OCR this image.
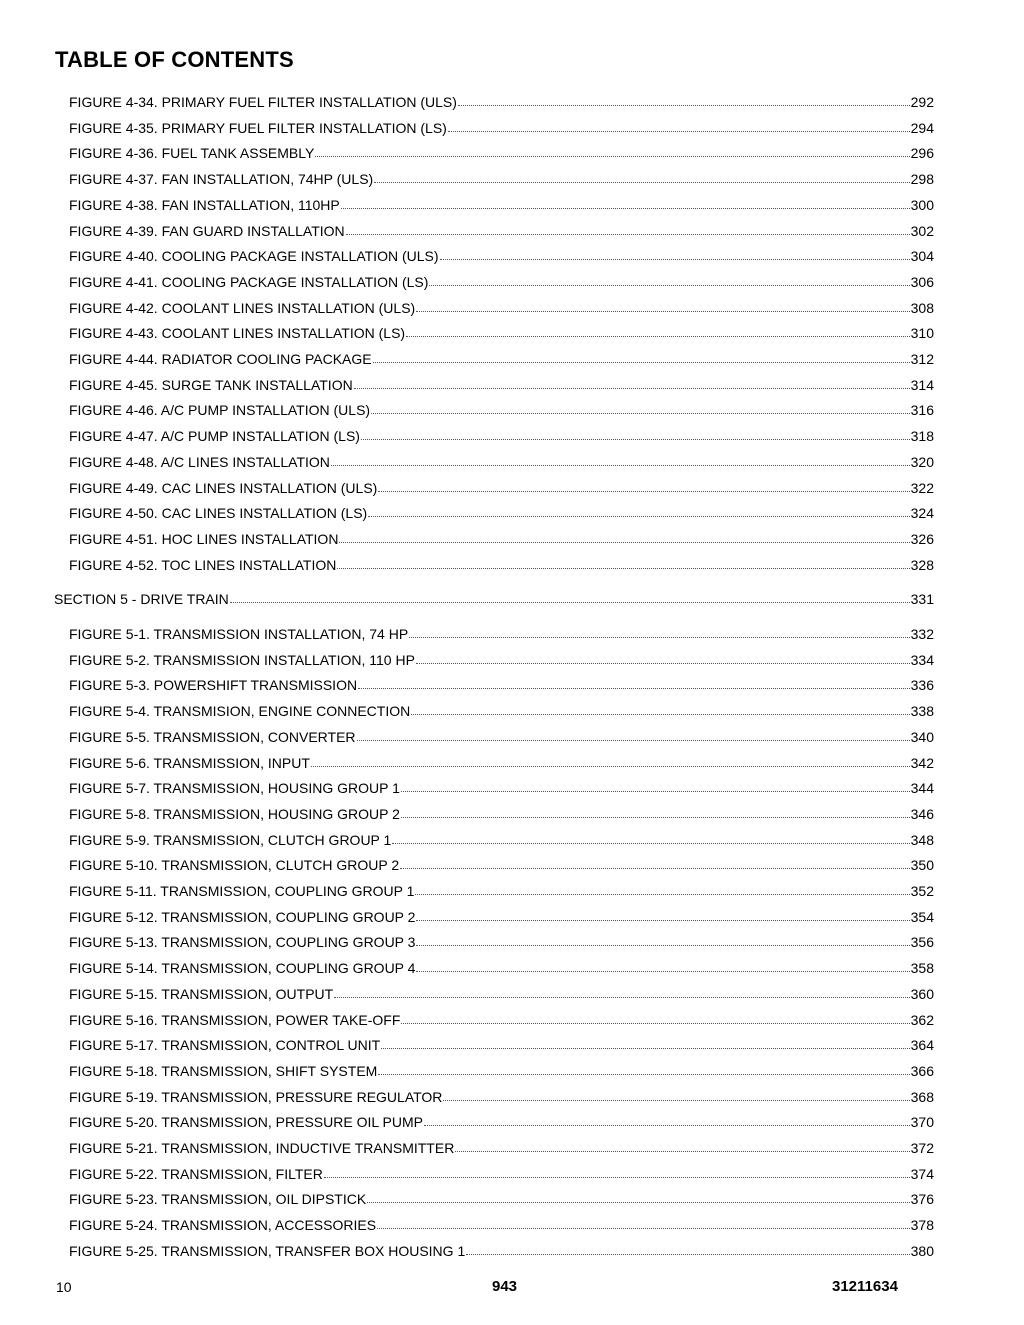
TABLE OF CONTENTS
FIGURE 4-34. PRIMARY FUEL FILTER INSTALLATION (ULS)	292
FIGURE 4-35. PRIMARY FUEL FILTER INSTALLATION (LS)	294
FIGURE 4-36. FUEL TANK ASSEMBLY	296
FIGURE 4-37. FAN INSTALLATION, 74HP (ULS)	298
FIGURE 4-38. FAN INSTALLATION, 110HP	300
FIGURE 4-39. FAN GUARD INSTALLATION	302
FIGURE 4-40. COOLING PACKAGE INSTALLATION (ULS)	304
FIGURE 4-41. COOLING PACKAGE INSTALLATION (LS)	306
FIGURE 4-42. COOLANT LINES INSTALLATION (ULS)	308
FIGURE 4-43. COOLANT LINES INSTALLATION (LS)	310
FIGURE 4-44. RADIATOR COOLING PACKAGE	312
FIGURE 4-45. SURGE TANK INSTALLATION	314
FIGURE 4-46. A/C PUMP INSTALLATION (ULS)	316
FIGURE 4-47. A/C PUMP INSTALLATION (LS)	318
FIGURE 4-48. A/C LINES INSTALLATION	320
FIGURE 4-49. CAC LINES INSTALLATION (ULS)	322
FIGURE 4-50. CAC LINES INSTALLATION (LS)	324
FIGURE 4-51. HOC LINES INSTALLATION	326
FIGURE 4-52. TOC LINES INSTALLATION	328
SECTION 5 - DRIVE TRAIN	331
FIGURE 5-1. TRANSMISSION INSTALLATION, 74 HP	332
FIGURE 5-2. TRANSMISSION INSTALLATION, 110 HP	334
FIGURE 5-3. POWERSHIFT TRANSMISSION	336
FIGURE 5-4. TRANSMISION, ENGINE CONNECTION	338
FIGURE 5-5. TRANSMISSION, CONVERTER	340
FIGURE 5-6. TRANSMISSION, INPUT	342
FIGURE 5-7. TRANSMISSION, HOUSING GROUP 1	344
FIGURE 5-8. TRANSMISSION, HOUSING GROUP 2	346
FIGURE 5-9. TRANSMISSION, CLUTCH GROUP 1	348
FIGURE 5-10. TRANSMISSION, CLUTCH GROUP 2	350
FIGURE 5-11. TRANSMISSION, COUPLING GROUP 1	352
FIGURE 5-12. TRANSMISSION, COUPLING GROUP 2	354
FIGURE 5-13. TRANSMISSION, COUPLING GROUP 3	356
FIGURE 5-14. TRANSMISSION, COUPLING GROUP 4	358
FIGURE 5-15. TRANSMISSION, OUTPUT	360
FIGURE 5-16. TRANSMISSION, POWER TAKE-OFF	362
FIGURE 5-17. TRANSMISSION, CONTROL UNIT	364
FIGURE 5-18. TRANSMISSION, SHIFT SYSTEM	366
FIGURE 5-19. TRANSMISSION, PRESSURE REGULATOR	368
FIGURE 5-20. TRANSMISSION, PRESSURE OIL PUMP	370
FIGURE 5-21. TRANSMISSION, INDUCTIVE TRANSMITTER	372
FIGURE 5-22. TRANSMISSION, FILTER	374
FIGURE 5-23. TRANSMISSION, OIL DIPSTICK	376
FIGURE 5-24. TRANSMISSION, ACCESSORIES	378
FIGURE 5-25. TRANSMISSION, TRANSFER BOX HOUSING 1	380
10	943	31211634
